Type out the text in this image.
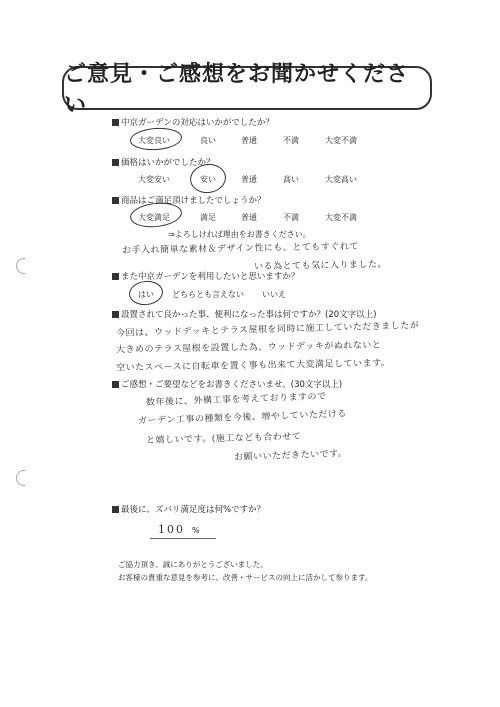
ご意見・ご感想をお聞かせください
中京ガーデンの対応はいかがでしたか？
大変良い	良い	普通	不満	大変不満
価格はいかがでしたか？
大変安い	安い	普通	高い	大変高い
商品はご満足頂けましたでしょうか？
大変満足	満足	普通	不満	大変不満
⇒よろしければ理由をお書きください。
お手入れ簡単な素材＆デザイン性にも、とてもすぐれて
いる為とても気に入りました。
また中京ガーデンを利用したいと思いますか？
はい どちらとも言えない いいえ
設置されて良かった事、便利になった事は何ですか？(20文字以上)
今回は、ウッドデッキとテラス屋根を同時に施工していただきましたが
大きめのテラス屋根を設置した為、ウッドデッキがぬれないと
空いたスペースに自転車を置く事も出来て大変満足しています。
ご感想・ご要望などをお書きくださいませ。(30文字以上)
数年後に、外構工事を考えておりますので
ガーデン工事の種類を今後、増やしていただける
と嬉しいです。(施工なども合わせて
お願いいただきたいです。
最後に、ズバリ満足度は何%ですか？
100 %
ご協力頂き、誠にありがとうございました。
お客様の貴重な意見を参考に、改善・サービスの向上に活かして参ります。
